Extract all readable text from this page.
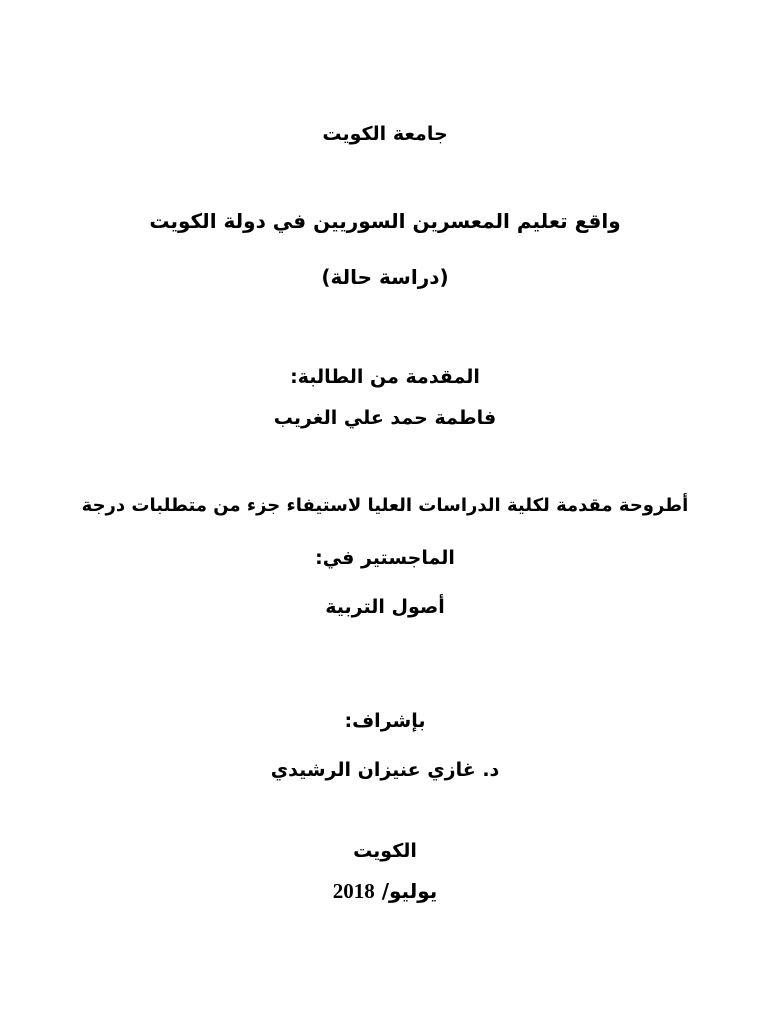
جامعة الكويت
واقع تعليم المعسرين السوريين في دولة الكويت
(دراسة حالة)
المقدمة من الطالبة:
فاطمة حمد علي الغريب
أطروحة مقدمة لكلية الدراسات العليا لاستيفاء جزء من متطلبات درجة
الماجستير في:
أصول التربية
بإشراف:
د. غازي عنيزان الرشيدي
الكويت
يوليو/ 2018
